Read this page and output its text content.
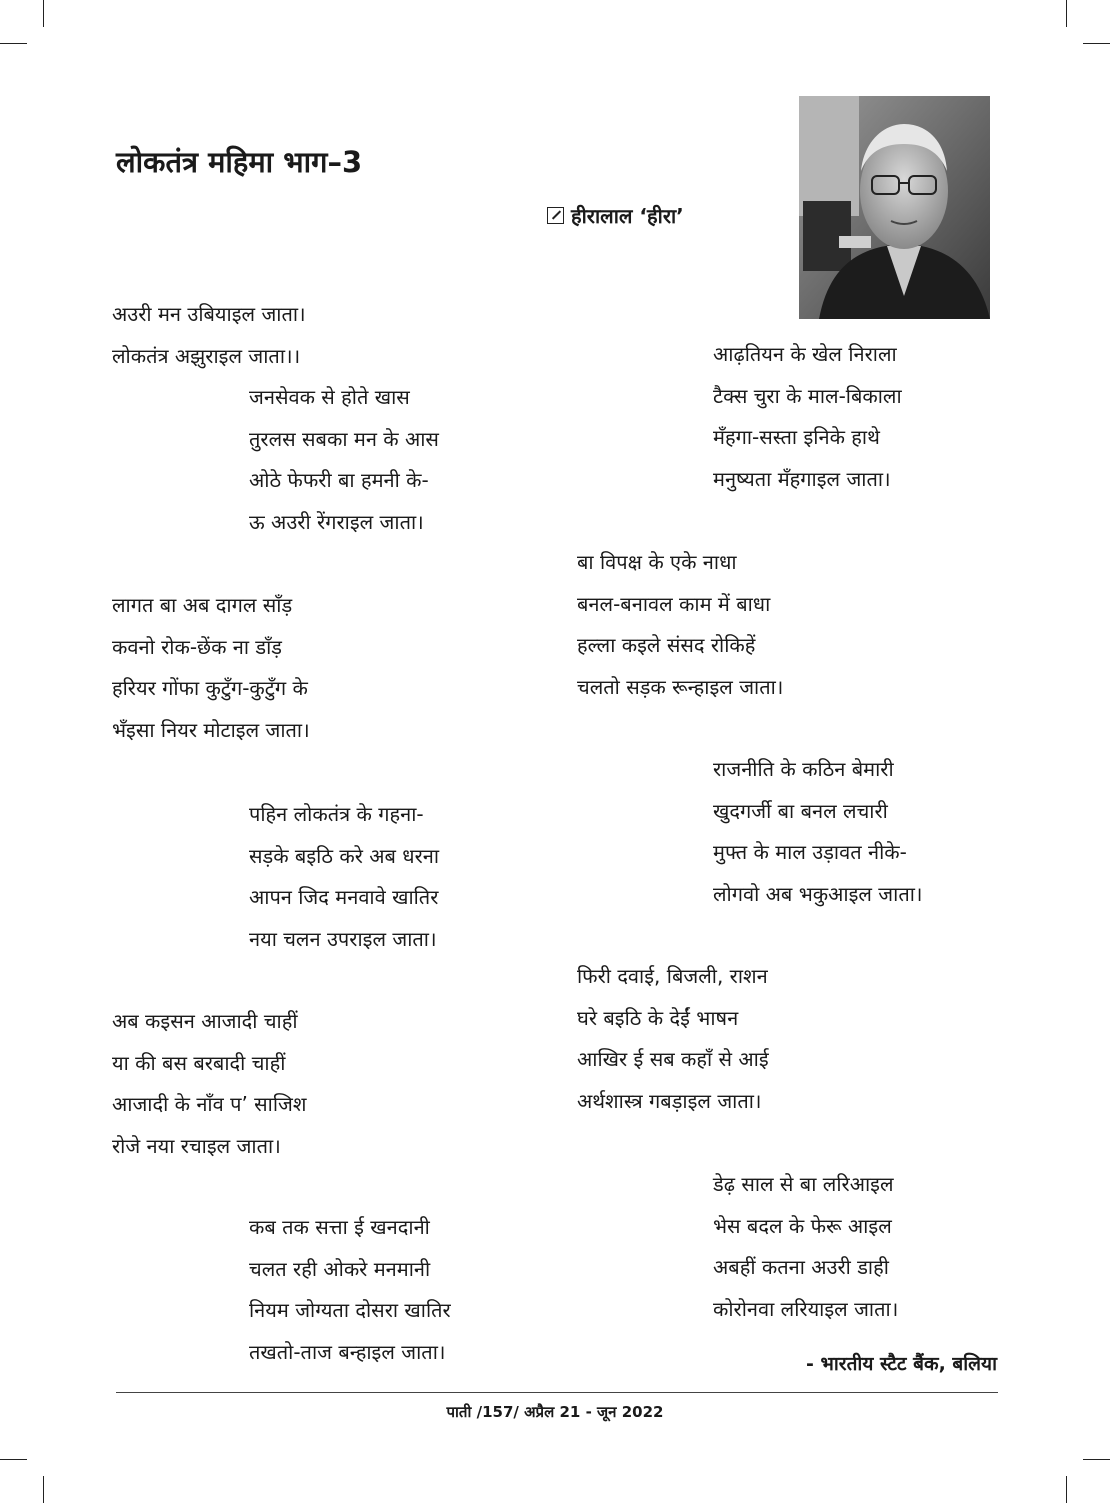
लोकतंत्र महिमा भाग–3
हीरालाल ‘हीरा’
अउरी मन उबियाइल जाता।
लोकतंत्र अझुराइल जाता।।
जनसेवक से होते खास
तुरलस सबका मन के आस
ओठे फेफरी बा हमनी के-
ऊ अउरी रेंगराइल जाता।
लागत बा अब दागल साँड़
कवनो रोक-छेंक ना डाँड़
हरियर गोंफा कुटुँग-कुटुँग के
भँइसा नियर मोटाइल जाता।
पहिन लोकतंत्र के गहना-
सड़के बइठि करे अब धरना
आपन जिद मनवावे खातिर
नया चलन उपराइल जाता।
अब कइसन आजादी चाहीं
या की बस बरबादी चाहीं
आजादी के नाँव प’ साजिश
रोजे नया रचाइल जाता।
कब तक सत्ता ई खनदानी
चलत रही ओकरे मनमानी
नियम जोग्यता दोसरा खातिर
तखतो-ताज बन्हाइल जाता।
आढ़तियन के खेल निराला
टैक्स चुरा के माल-बिकाला
मँहगा-सस्ता इनिके हाथे
मनुष्यता मँहगाइल जाता।
बा विपक्ष के एके नाधा
बनल-बनावल काम में बाधा
हल्ला कइले संसद रोकिहें
चलतो सड़क रून्हाइल जाता।
राजनीति के कठिन बेमारी
खुदगर्जी बा बनल लचारी
मुफ्त के माल उड़ावत नीके-
लोगवो अब भकुआइल जाता।
फिरी दवाई, बिजली, राशन
घरे बइठि के देईं भाषन
आखिर ई सब कहाँ से आई
अर्थशास्त्र गबड़ाइल जाता।
डेढ़ साल से बा लरिआइल
भेस बदल के फेरू आइल
अबहीं कतना अउरी डाही
कोरोनवा लरियाइल जाता।
- भारतीय स्टैट बैंक, बलिया
पाती /157/ अप्रैल 21 - जून 2022
